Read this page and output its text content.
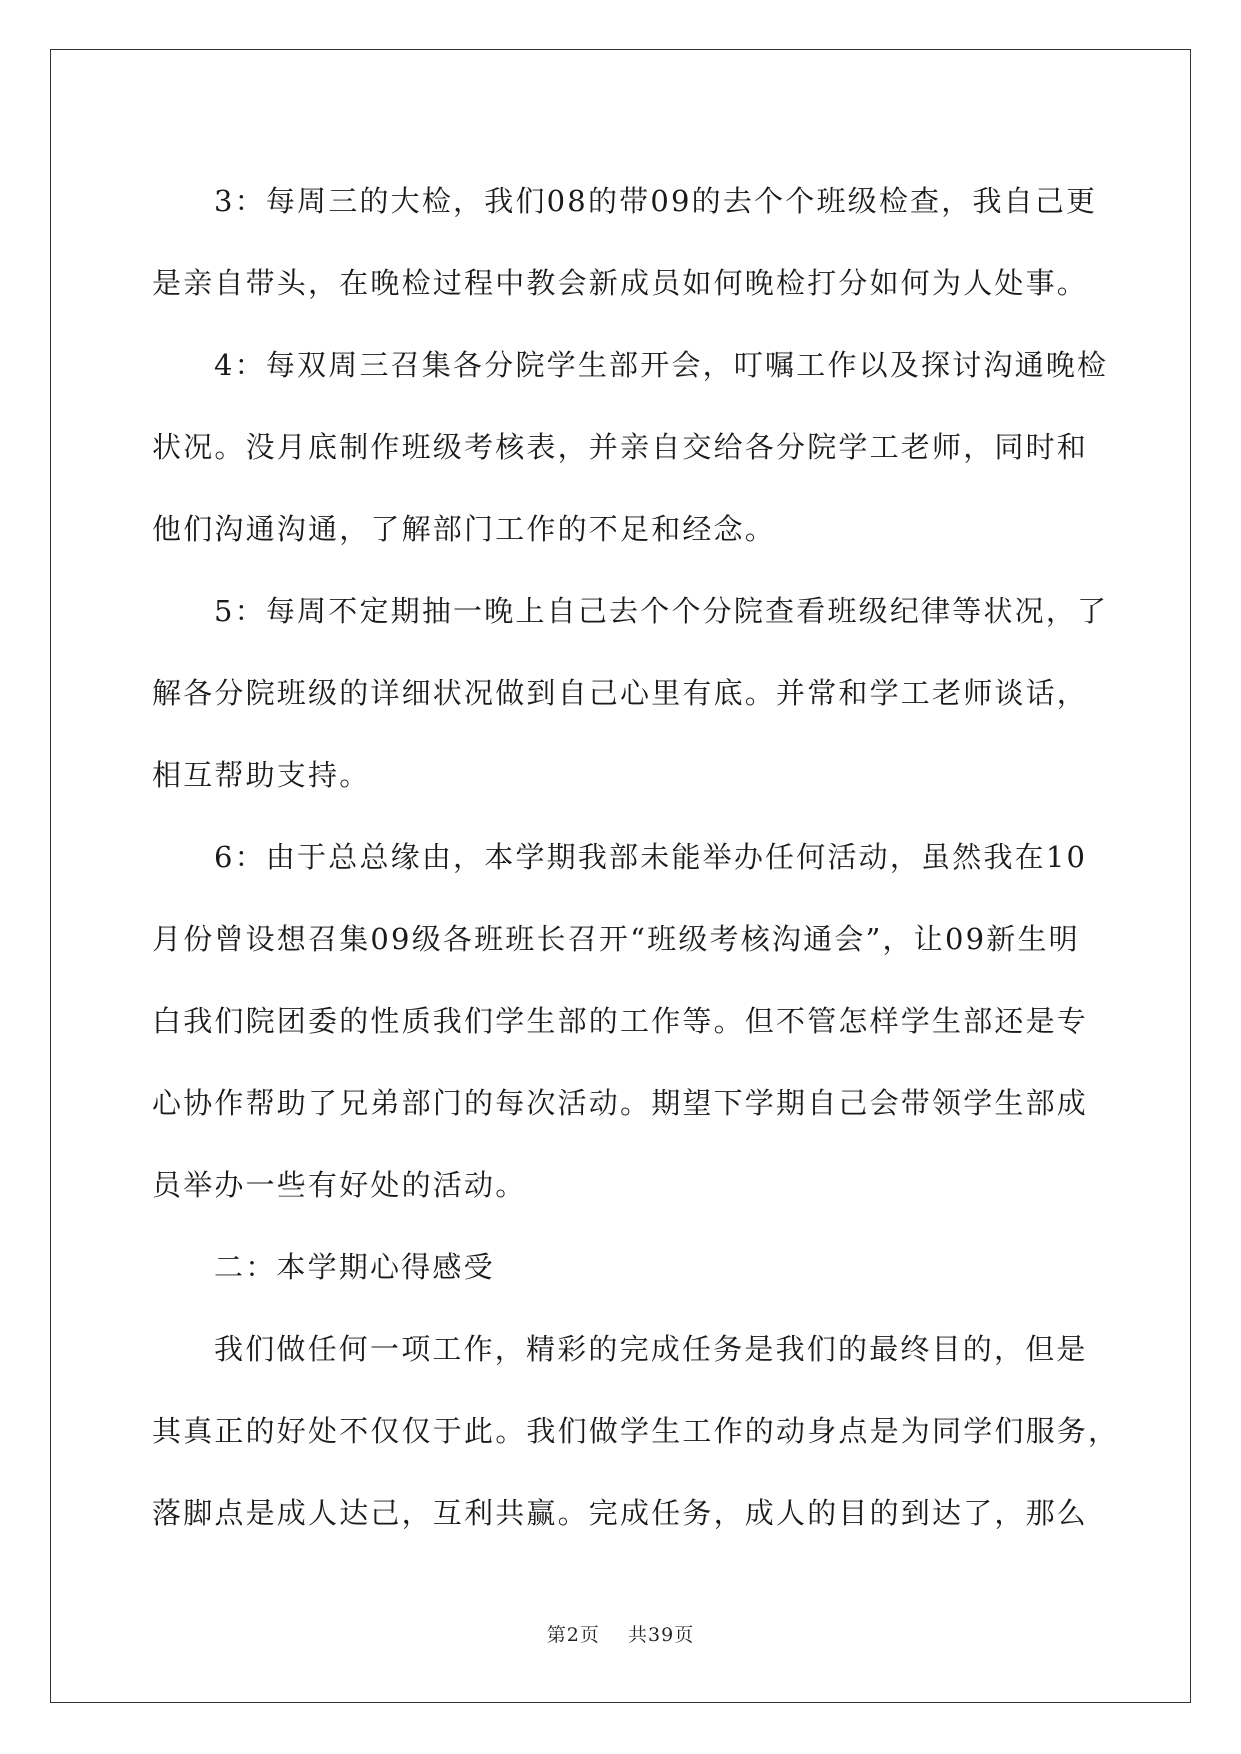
3：每周三的大检，我们08的带09的去个个班级检查，我自己更
是亲自带头，在晚检过程中教会新成员如何晚检打分如何为人处事。

4：每双周三召集各分院学生部开会，叮嘱工作以及探讨沟通晚检
状况。没月底制作班级考核表，并亲自交给各分院学工老师，同时和
他们沟通沟通，了解部门工作的不足和经念。

5：每周不定期抽一晚上自己去个个分院查看班级纪律等状况，了
解各分院班级的详细状况做到自己心里有底。并常和学工老师谈话，
相互帮助支持。

6：由于总总缘由，本学期我部未能举办任何活动，虽然我在10
月份曾设想召集09级各班班长召开“班级考核沟通会”，让09新生明
白我们院团委的性质我们学生部的工作等。但不管怎样学生部还是专
心协作帮助了兄弟部门的每次活动。期望下学期自己会带领学生部成
员举办一些有好处的活动。

二：本学期心得感受

我们做任何一项工作，精彩的完成任务是我们的最终目的，但是
其真正的好处不仅仅于此。我们做学生工作的动身点是为同学们服务，
落脚点是成人达己，互利共赢。完成任务，成人的目的到达了，那么

第2页 共39页
